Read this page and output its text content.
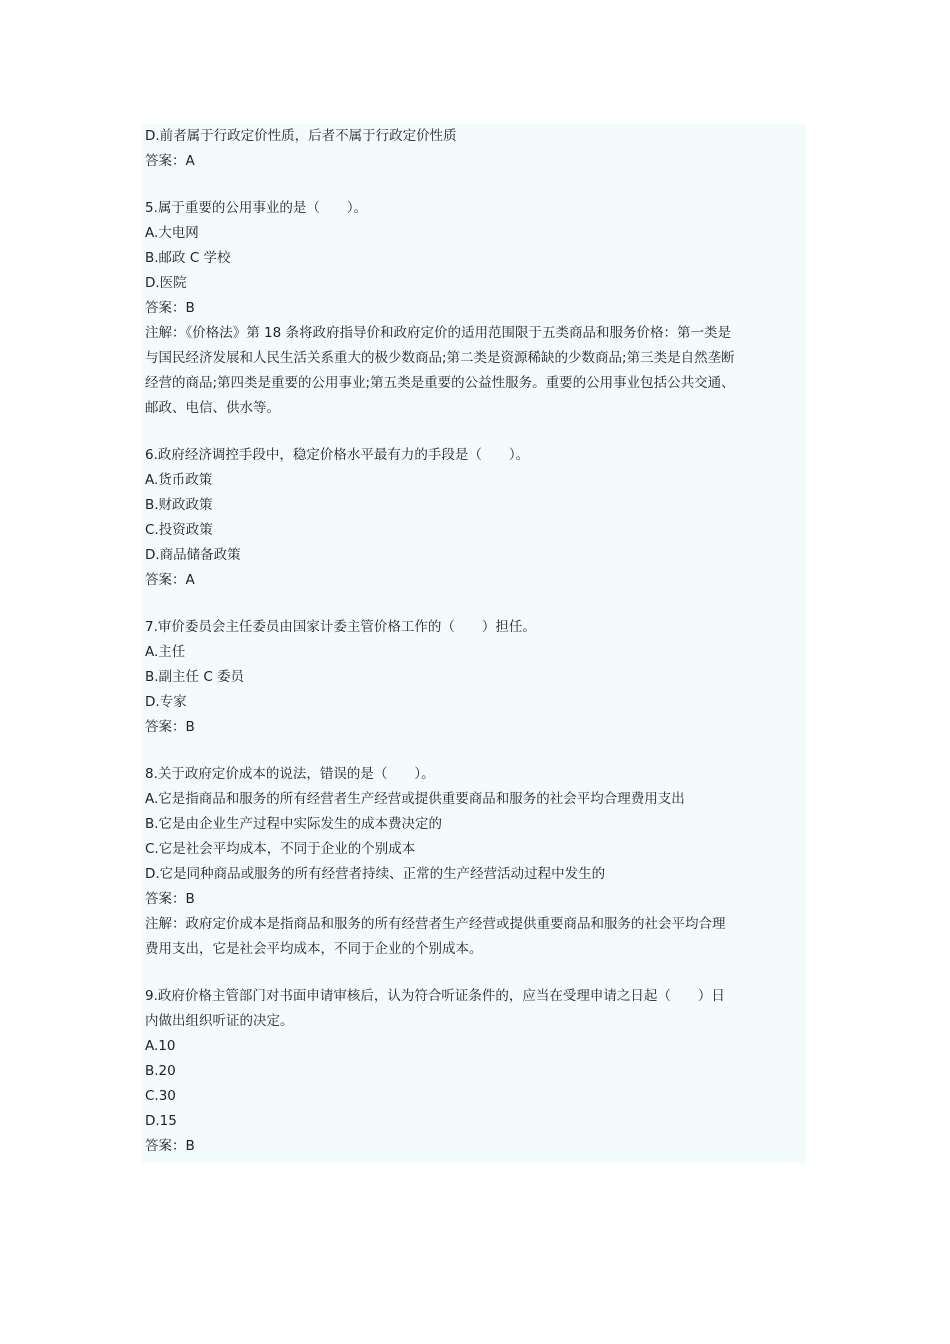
D.前者属于行政定价性质，后者不属于行政定价性质
答案：A
5.属于重要的公用事业的是（　　）。
A.大电网
B.邮政 C 学校
D.医院
答案：B
注解：《价格法》第 18 条将政府指导价和政府定价的适用范围限于五类商品和服务价格：第一类是
与国民经济发展和人民生活关系重大的极少数商品;第二类是资源稀缺的少数商品;第三类是自然垄断
经营的商品;第四类是重要的公用事业;第五类是重要的公益性服务。重要的公用事业包括公共交通、
邮政、电信、供水等。
6.政府经济调控手段中，稳定价格水平最有力的手段是（　　）。
A.货币政策
B.财政政策
C.投资政策
D.商品储备政策
答案：A
7.审价委员会主任委员由国家计委主管价格工作的（　　）担任。
A.主任
B.副主任 C 委员
D.专家
答案：B
8.关于政府定价成本的说法，错误的是（　　）。
A.它是指商品和服务的所有经营者生产经营或提供重要商品和服务的社会平均合理费用支出
B.它是由企业生产过程中实际发生的成本费决定的
C.它是社会平均成本，不同于企业的个别成本
D.它是同种商品或服务的所有经营者持续、正常的生产经营活动过程中发生的
答案：B
注解：政府定价成本是指商品和服务的所有经营者生产经营或提供重要商品和服务的社会平均合理
费用支出，它是社会平均成本，不同于企业的个别成本。
9.政府价格主管部门对书面申请审核后，认为符合听证条件的，应当在受理申请之日起（　　）日
内做出组织听证的决定。
A.10
B.20
C.30
D.15
答案：B
